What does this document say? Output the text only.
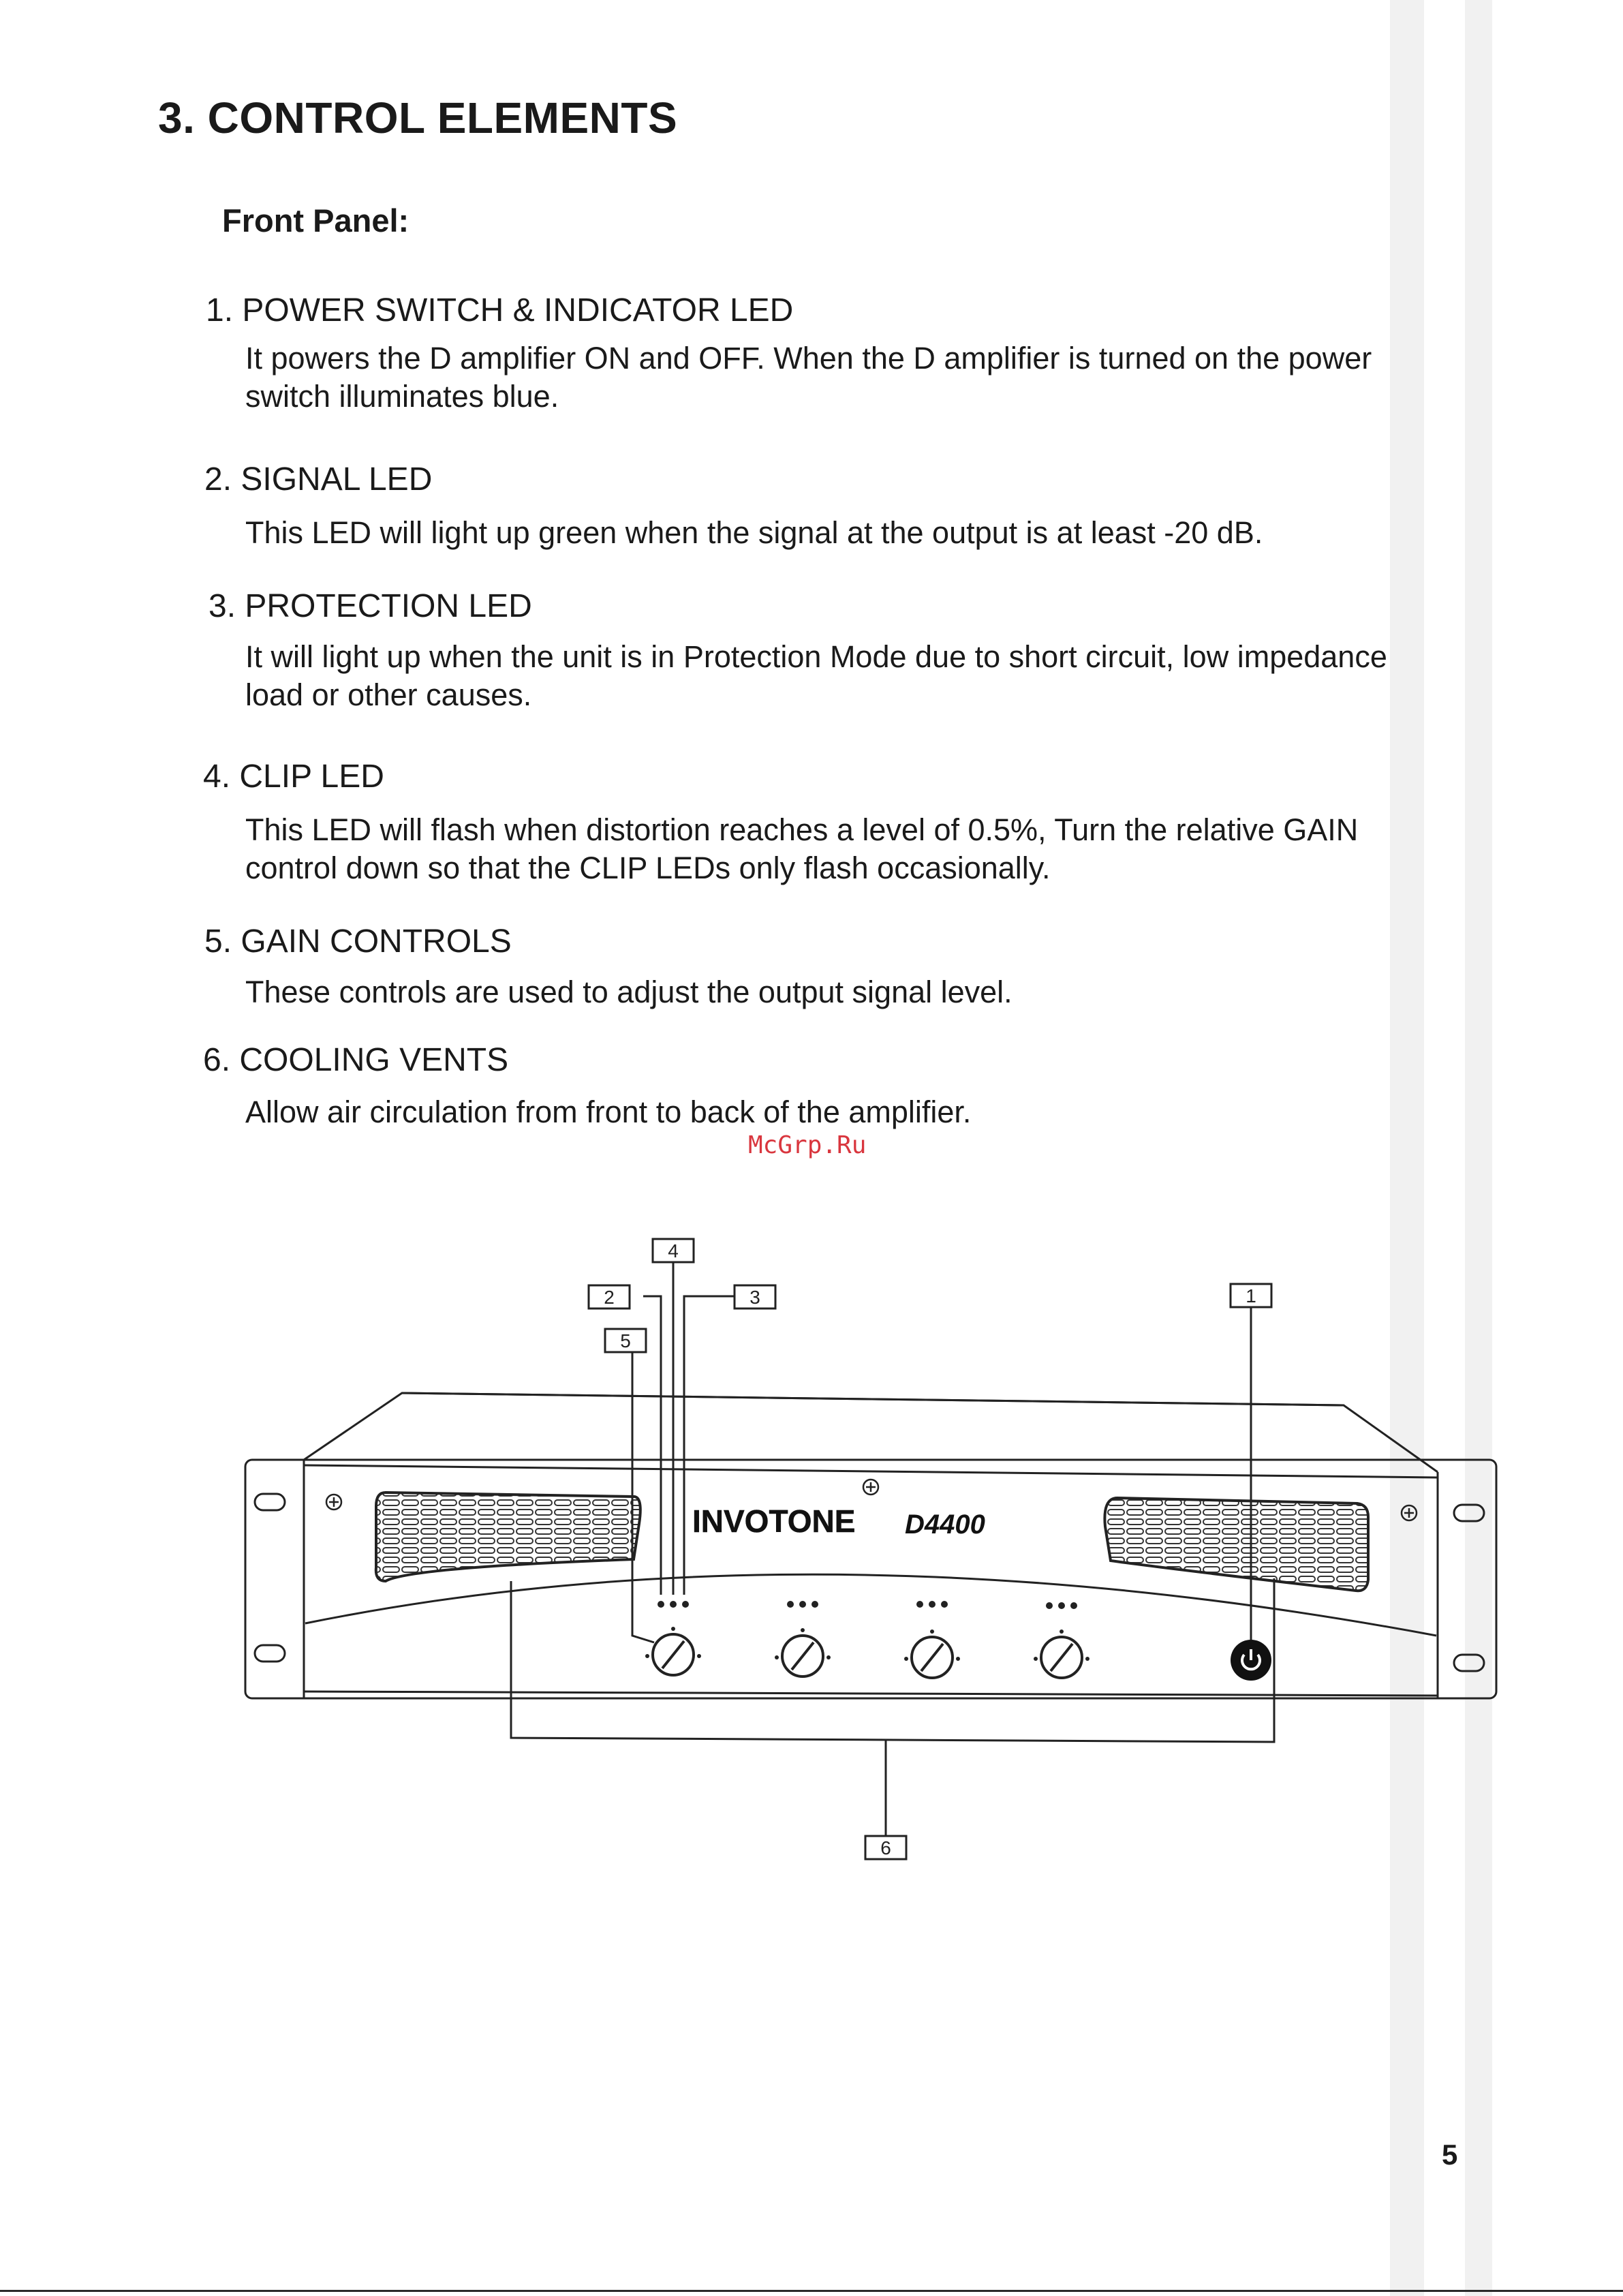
3. CONTROL ELEMENTS
Front Panel:
1. POWER SWITCH & INDICATOR LED
It powers the D amplifier ON and OFF. When the D amplifier is turned on the power switch illuminates blue.
2. SIGNAL LED
This LED will light up green when the signal at the output is at least -20 dB.
3. PROTECTION LED
It will light up when the unit is in Protection Mode due to short circuit, low impedance load or other causes.
4. CLIP LED
This LED will flash when distortion reaches a level of 0.5%, Turn the relative GAIN control down so that the CLIP LEDs only flash occasionally.
5. GAIN CONTROLS
These controls are used to adjust the output signal level.
6. COOLING VENTS
Allow air circulation from front to back of the amplifier.
McGrp.Ru
INVOTONE D4400
1
2	3
4
5
6
5
